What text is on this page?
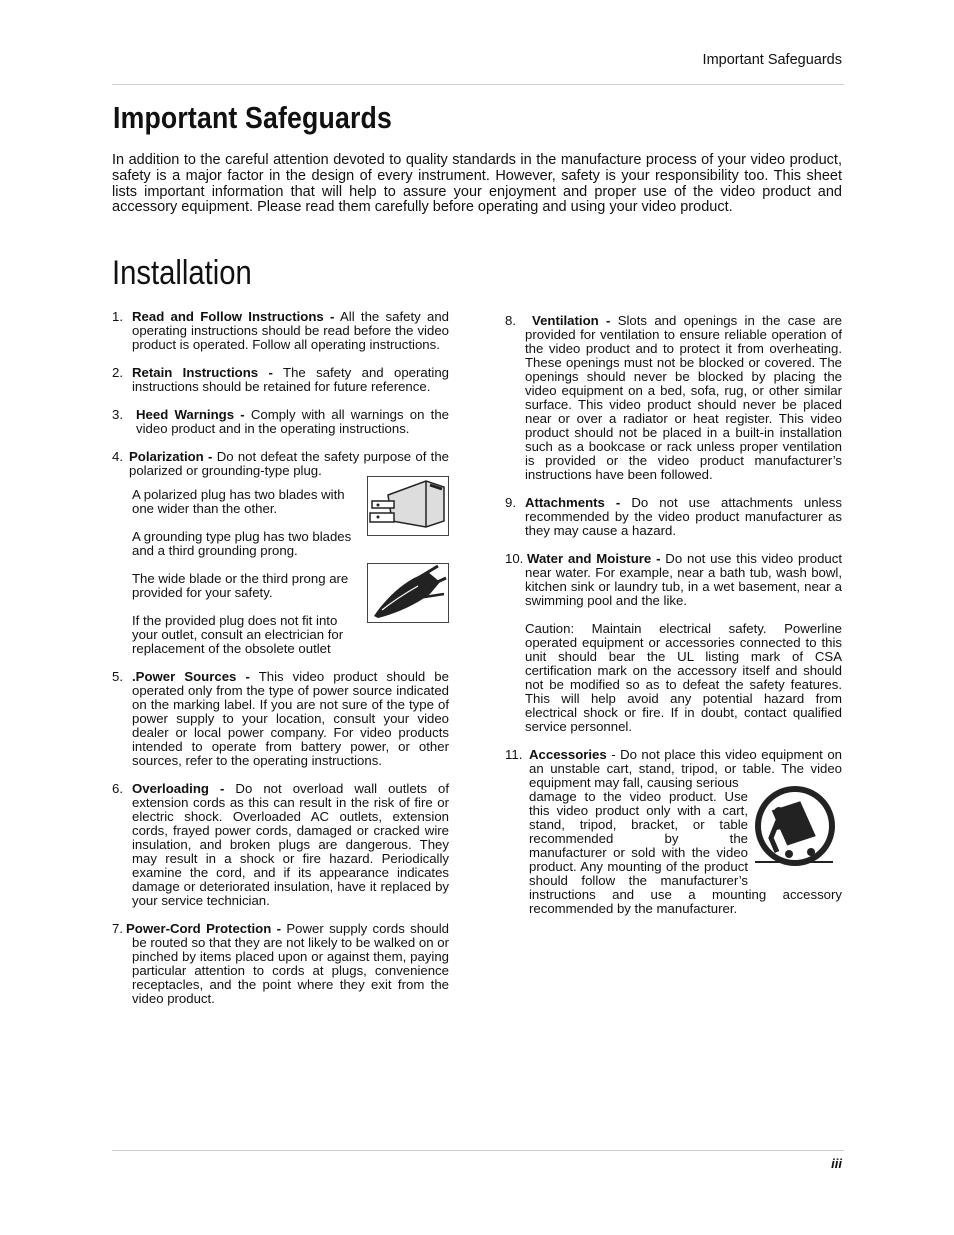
Important Safeguards
Important Safeguards
In addition to the careful attention devoted to quality standards in the manufacture process of your video product, safety is a major factor in the design of every instrument. However, safety is your responsibility too. This sheet lists important information that will help to assure your enjoyment and proper use of the video product and accessory equipment. Please read them carefully before operating and using your video product.
Installation
1. Read and Follow Instructions - All the safety and operating instructions should be read before the video product is operated. Follow all operating instructions.
2. Retain Instructions - The safety and operating instructions should be retained for future reference.
3. Heed Warnings - Comply with all warnings on the video product and in the operating instructions.
4. Polarization - Do not defeat the safety purpose of the polarized or grounding-type plug.

A polarized plug has two blades with one wider than the other.

A grounding type plug has two blades and a third grounding prong.

The wide blade or the third prong are provided for your safety.

If the provided plug does not fit into your outlet, consult an electrician for replacement of the obsolete outlet

5. .Power Sources - This video product should be operated only from the type of power source indicated on the marking label. If you are not sure of the type of power supply to your location, consult your video dealer or local power company. For video products intended to operate from battery power, or other sources, refer to the operating instructions.
6. Overloading - Do not overload wall outlets of extension cords as this can result in the risk of fire or electric shock. Overloaded AC outlets, extension cords, frayed power cords, damaged or cracked wire insulation, and broken plugs are dangerous. They may result in a shock or fire hazard. Periodically examine the cord, and if its appearance indicates damage or deteriorated insulation, have it replaced by your service technician.
7. Power-Cord Protection - Power supply cords should be routed so that they are not likely to be walked on or pinched by items placed upon or against them, paying particular attention to cords at plugs, convenience receptacles, and the point where they exit from the video product.
8.	Ventilation - Slots and openings in the case are provided for ventilation to ensure reliable operation of the video product and to protect it from overheating. These openings must not be blocked or covered. The openings should never be blocked by placing the video equipment on a bed, sofa, rug, or other similar surface. This video product should never be placed near or over a radiator or heat register. This video product should not be placed in a built-in installation such as a bookcase or rack unless proper ventilation is provided or the video product manufacturer’s instructions have been followed.
9. Attachments - Do not use attachments unless recommended by the video product manufacturer as they may cause a hazard.
10. Water and Moisture - Do not use this video product near water. For example, near a bath tub, wash bowl, kitchen sink or laundry tub, in a wet basement, near a swimming pool and the like.

Caution: Maintain electrical safety. Powerline operated equipment or accessories connected to this unit should bear the UL listing mark of CSA certification mark on the accessory itself and should not be modified so as to defeat the safety features. This will help avoid any potential hazard from electrical shock or fire. If in doubt, contact qualified service personnel.

11. Accessories - Do not place this video equipment on an unstable cart, stand, tripod, or table. The video equipment may fall, causing serious
damage to the video product. Use
this video product only with a cart,
stand, tripod, bracket, or table
recommended by the
manufacturer or sold with the video
product. Any mounting of the product
should follow the manufacturer’s
instructions and use a mounting accessory recommended by the manufacturer.
iii
